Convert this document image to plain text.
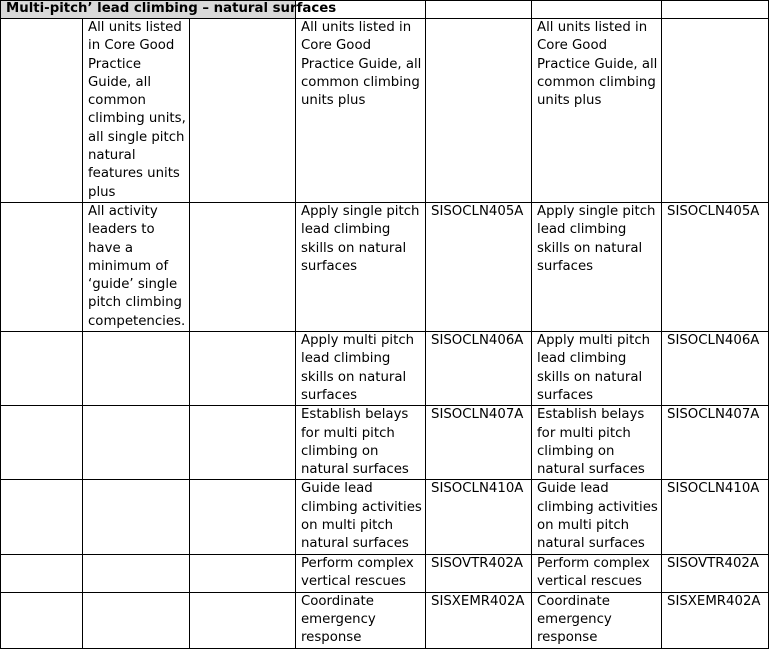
Multi-pitch’ lead climbing – natural surfaces						
	All units listed in Core Good Practice Guide, all common climbing units, all single pitch natural features units plus		All units listed in Core Good Practice Guide, all common climbing units plus		All units listed in Core Good Practice Guide, all common climbing units plus	
	All activity leaders to have a minimum of ‘guide’ single pitch climbing competencies.		Apply single pitch lead climbing skills on natural surfaces	SISOCLN405A	Apply single pitch lead climbing skills on natural surfaces	SISOCLN405A
			Apply multi pitch lead climbing skills on natural surfaces	SISOCLN406A	Apply multi pitch lead climbing skills on natural surfaces	SISOCLN406A
			Establish belays for multi pitch climbing on natural surfaces	SISOCLN407A	Establish belays for multi pitch climbing on natural surfaces	SISOCLN407A
			Guide lead climbing activities on multi pitch natural surfaces	SISOCLN410A	Guide lead climbing activities on multi pitch natural surfaces	SISOCLN410A
			Perform complex vertical rescues	SISOVTR402A	Perform complex vertical rescues	SISOVTR402A
			Coordinate emergency response	SISXEMR402A	Coordinate emergency response	SISXEMR402A
